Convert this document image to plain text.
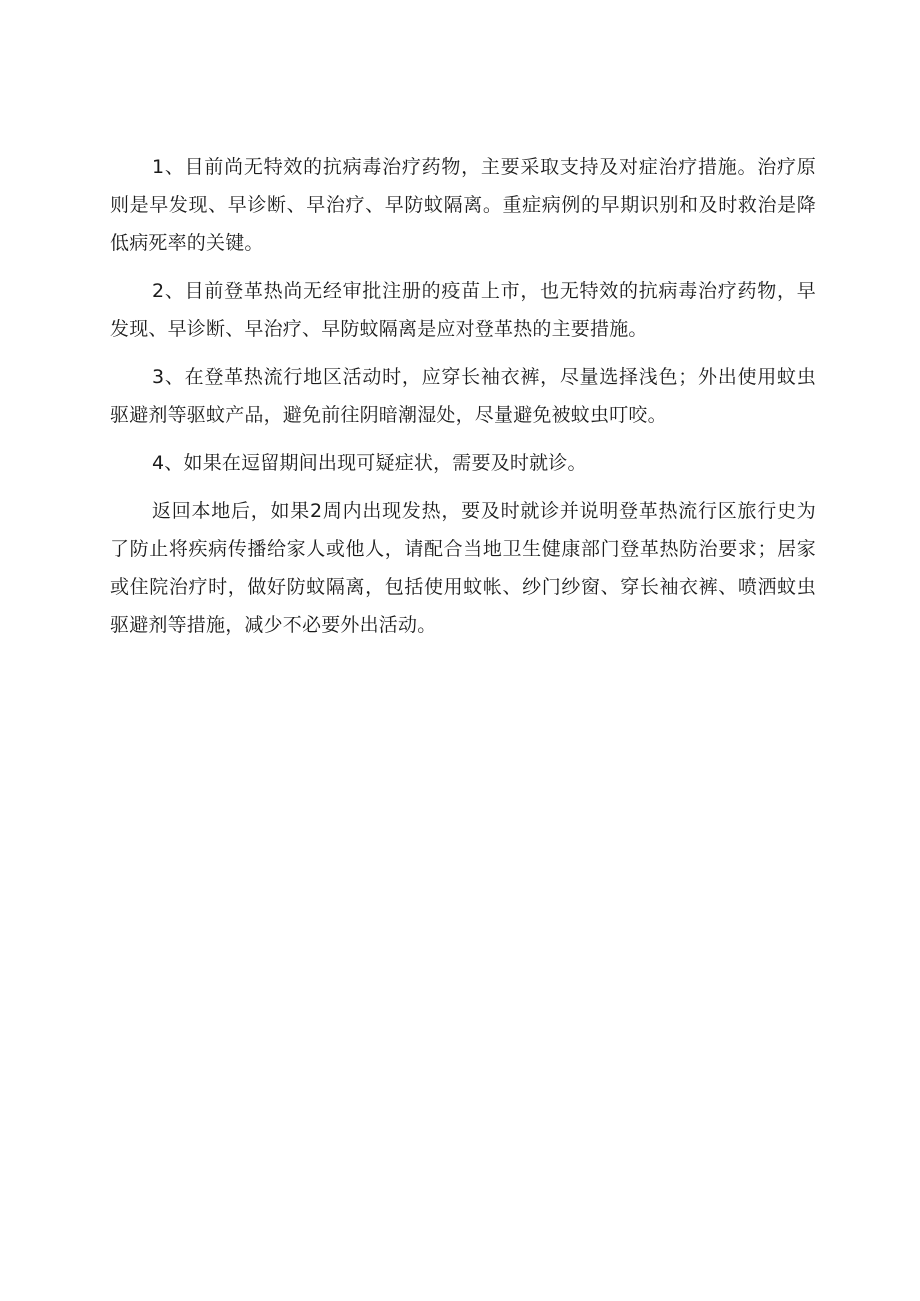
1、目前尚无特效的抗病毒治疗药物，主要采取支持及对症治疗措施。治疗原则是早发现、早诊断、早治疗、早防蚊隔离。重症病例的早期识别和及时救治是降低病死率的关键。

2、目前登革热尚无经审批注册的疫苗上市，也无特效的抗病毒治疗药物，早发现、早诊断、早治疗、早防蚊隔离是应对登革热的主要措施。

3、在登革热流行地区活动时，应穿长袖衣裤，尽量选择浅色；外出使用蚊虫驱避剂等驱蚊产品，避免前往阴暗潮湿处，尽量避免被蚊虫叮咬。

4、如果在逗留期间出现可疑症状，需要及时就诊。

返回本地后，如果2周内出现发热，要及时就诊并说明登革热流行区旅行史为了防止将疾病传播给家人或他人，请配合当地卫生健康部门登革热防治要求；居家或住院治疗时，做好防蚊隔离，包括使用蚊帐、纱门纱窗、穿长袖衣裤、喷洒蚊虫驱避剂等措施，减少不必要外出活动。
